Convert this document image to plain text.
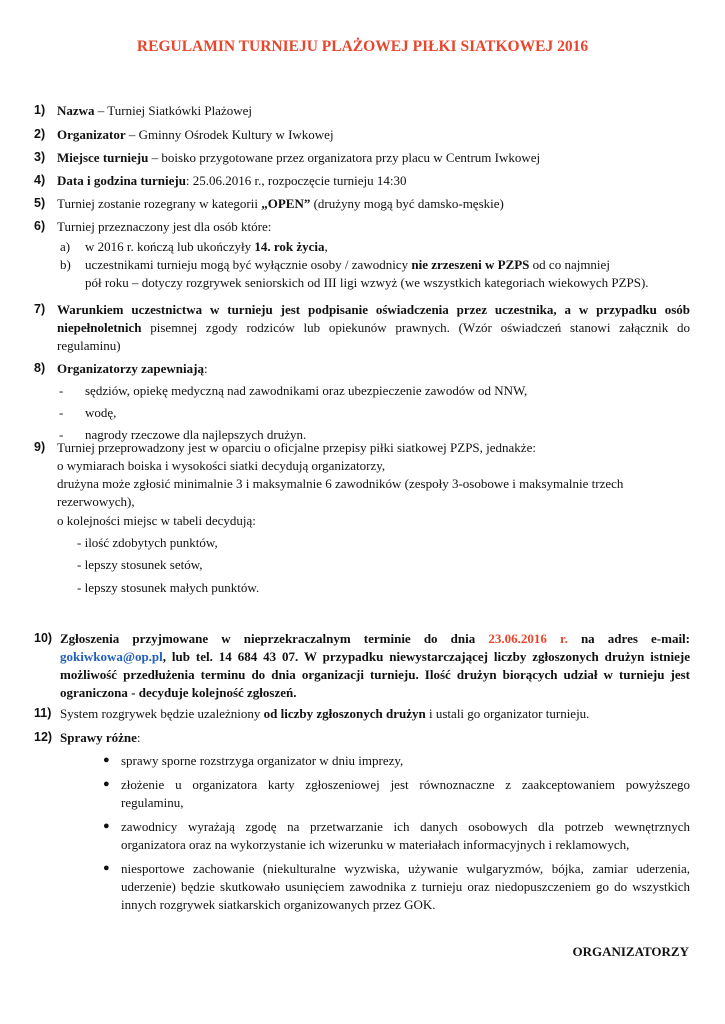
REGULAMIN TURNIEJU PLAŻOWEJ PIŁKI SIATKOWEJ 2016
1) Nazwa – Turniej Siatkówki Plażowej
2) Organizator – Gminny Ośrodek Kultury w Iwkowej
3) Miejsce turnieju – boisko przygotowane przez organizatora przy placu w Centrum Iwkowej
4) Data i godzina turnieju: 25.06.2016 r., rozpoczęcie turnieju 14:30
5) Turniej zostanie rozegrany w kategorii „OPEN” (drużyny mogą być damsko-męskie)
6) Turniej przeznaczony jest dla osób które:
a)	w 2016 r. kończą lub ukończyły 14. rok życia,
b)	uczestnikami turnieju mogą być wyłącznie osoby / zawodnicy nie zrzeszeni w PZPS od co najmniej
pół roku – dotyczy rozgrywek seniorskich od III ligi wzwyż (we wszystkich kategoriach wiekowych PZPS).
7) Warunkiem uczestnictwa w turnieju jest podpisanie oświadczenia przez uczestnika, a w przypadku osób
niepełnoletnich pisemnej zgody rodziców lub opiekunów prawnych. (Wzór oświadczeń stanowi załącznik do
regulaminu)
8) Organizatorzy zapewniają:
- sędziów, opiekę medyczną nad zawodnikami oraz ubezpieczenie zawodów od NNW,
- wodę,
- nagrody rzeczowe dla najlepszych drużyn.
9) Turniej przeprowadzony jest w oparciu o oficjalne przepisy piłki siatkowej PZPS, jednakże:
o wymiarach boiska i wysokości siatki decydują organizatorzy,
drużyna może zgłosić minimalnie 3 i maksymalnie 6 zawodników (zespoły 3-osobowe i maksymalnie trzech
rezerwowych),
o kolejności miejsc w tabeli decydują:
- ilość zdobytych punktów,
- lepszy stosunek setów,
- lepszy stosunek małych punktów.
10) Zgłoszenia przyjmowane w nieprzekraczalnym terminie do dnia 23.06.2016 r. na adres e-mail:
gokiwkowa@op.pl, lub tel. 14 684 43 07. W przypadku niewystarczającej liczby zgłoszonych drużyn istnieje
możliwość przedłużenia terminu do dnia organizacji turnieju. Ilość drużyn biorących udział w turnieju jest
ograniczona - decyduje kolejność zgłoszeń.
11) System rozgrywek będzie uzależniony od liczby zgłoszonych drużyn i ustali go organizator turnieju.
12) Sprawy różne:
● sprawy sporne rozstrzyga organizator w dniu imprezy,
● złożenie u organizatora karty zgłoszeniowej jest równoznaczne z zaakceptowaniem powyższego
regulaminu,
● zawodnicy wyrażają zgodę na przetwarzanie ich danych osobowych dla potrzeb wewnętrznych
organizatora oraz na wykorzystanie ich wizerunku w materiałach informacyjnych i reklamowych,
● niesportowe zachowanie (niekulturalne wyzwiska, używanie wulgaryzmów, bójka, zamiar uderzenia,
uderzenie) będzie skutkowało usunięciem zawodnika z turnieju oraz niedopuszczeniem go do wszystkich
innych rozgrywek siatkarskich organizowanych przez GOK.
ORGANIZATORZY
